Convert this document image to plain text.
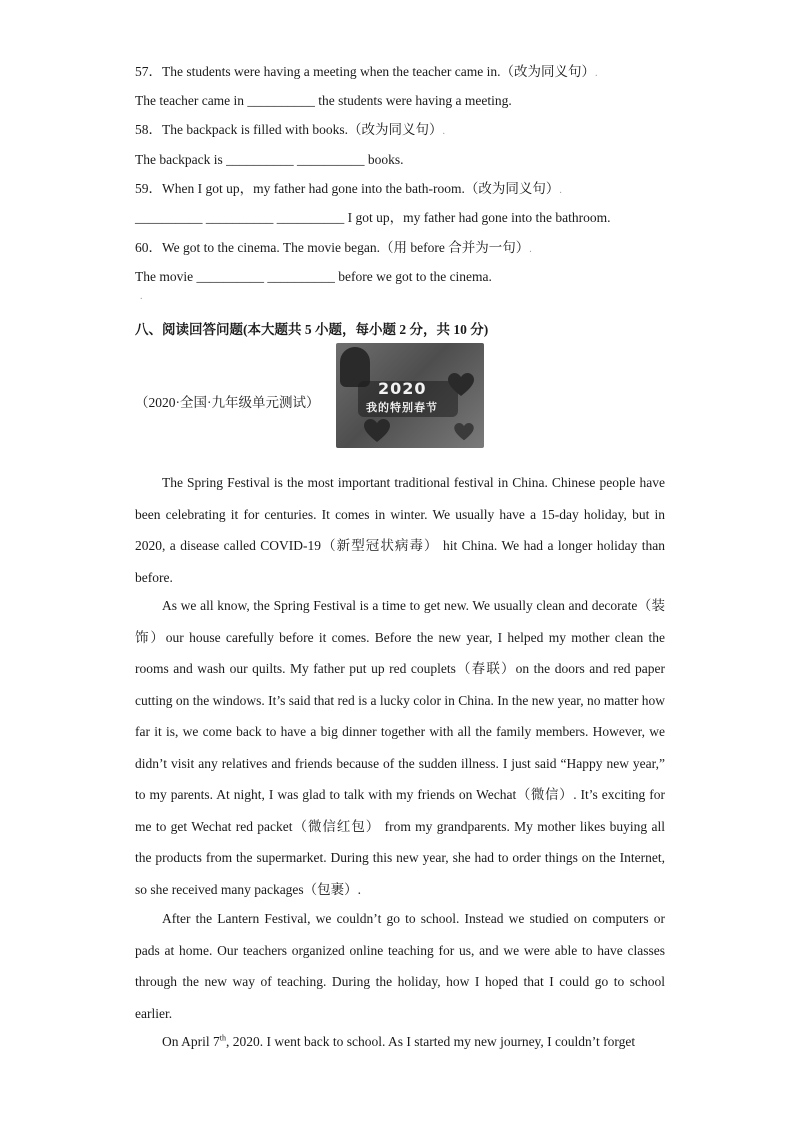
57．The students were having a meeting when the teacher came in.（改为同义句）.
The teacher came in __________ the students were having a meeting.
58．The backpack is filled with books.（改为同义句）.
The backpack is __________ __________ books.
59．When I got up，my father had gone into the bath-room.（改为同义句）.
__________ __________ __________ I got up，my father had gone into the bathroom.
60．We got to the cinema. The movie began.（用 before 合并为一句）.
The movie __________ __________ before we got to the cinema.
.
八、阅读回答问题(本大题共 5 小题，每小题 2 分，共 10 分)
（2020·全国·九年级单元测试）
2020
我的特别春节
The Spring Festival is the most important traditional festival in China. Chinese people have been celebrating it for centuries. It comes in winter. We usually have a 15-day holiday, but in 2020, a disease called COVID-19（新型冠状病毒） hit China. We had a longer holiday than before.
As we all know, the Spring Festival is a time to get new. We usually clean and decorate（装饰）our house carefully before it comes. Before the new year, I helped my mother clean the rooms and wash our quilts. My father put up red couplets（春联）on the doors and red paper cutting on the windows. It’s said that red is a lucky color in China. In the new year, no matter how far it is, we come back to have a big dinner together with all the family members. However, we didn’t visit any relatives and friends because of the sudden illness. I just said “Happy new year,” to my parents. At night, I was glad to talk with my friends on Wechat（微信）. It’s exciting for me to get Wechat red packet（微信红包） from my grandparents. My mother likes buying all the products from the supermarket. During this new year, she had to order things on the Internet, so she received many packages（包裹）.
After the Lantern Festival, we couldn’t go to school. Instead we studied on computers or pads at home. Our teachers organized online teaching for us, and we were able to have classes through the new way of teaching. During the holiday, how I hoped that I could go to school earlier.
On April 7th, 2020. I went back to school. As I started my new journey, I couldn’t forget
